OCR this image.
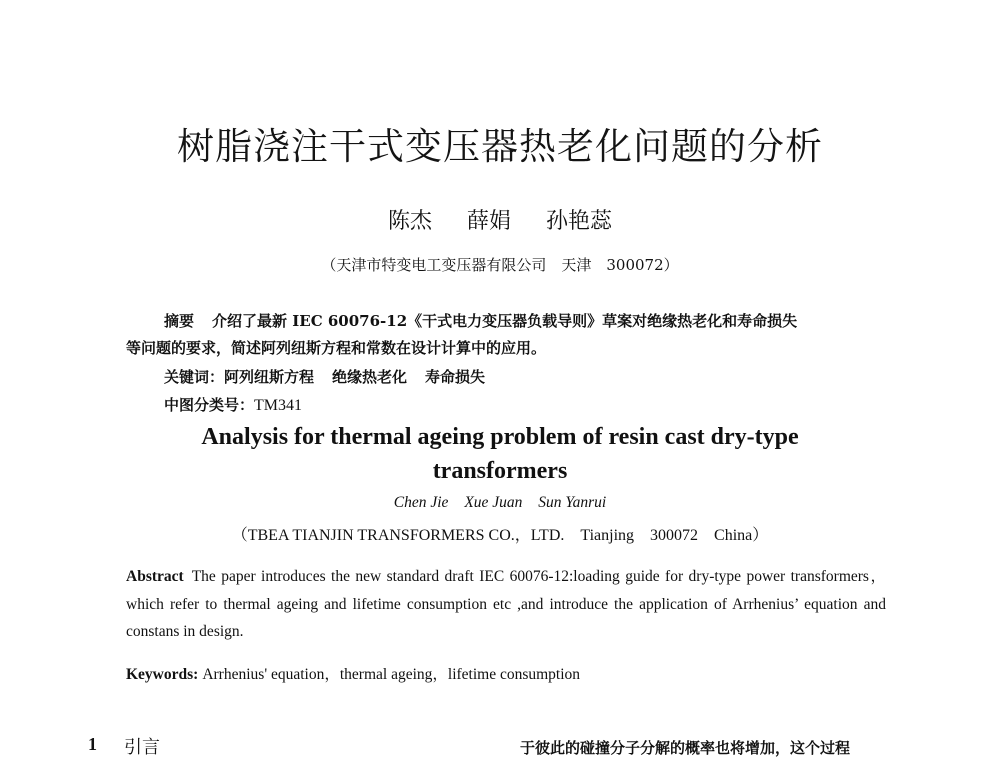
树脂浇注干式变压器热老化问题的分析
陈杰 薛娟 孙艳蕊
（天津市特变电工变压器有限公司　天津　300072）
摘要 介绍了最新 IEC 60076-12《干式电力变压器负载导则》草案对绝缘热老化和寿命损失
等问题的要求，简述阿列纽斯方程和常数在设计计算中的应用。
关键词：阿列纽斯方程 绝缘热老化 寿命损失
中图分类号：TM341
Analysis for thermal ageing problem of resin cast dry-type
transformers
Chen Jie Xue Juan Sun Yanrui
（TBEA TIANJIN TRANSFORMERS CO.，LTD.　Tianjing　300072　China）
Abstract The paper introduces the new standard draft IEC 60076-12:loading guide for dry-type power transformers，which refer to thermal ageing and lifetime consumption etc ,and introduce the application of Arrhenius’ equation and constans in design.
Keywords: Arrhenius' equation，thermal ageing，lifetime consumption
1 引言	于彼此的碰撞分子分解的概率也将增加，这个过程
